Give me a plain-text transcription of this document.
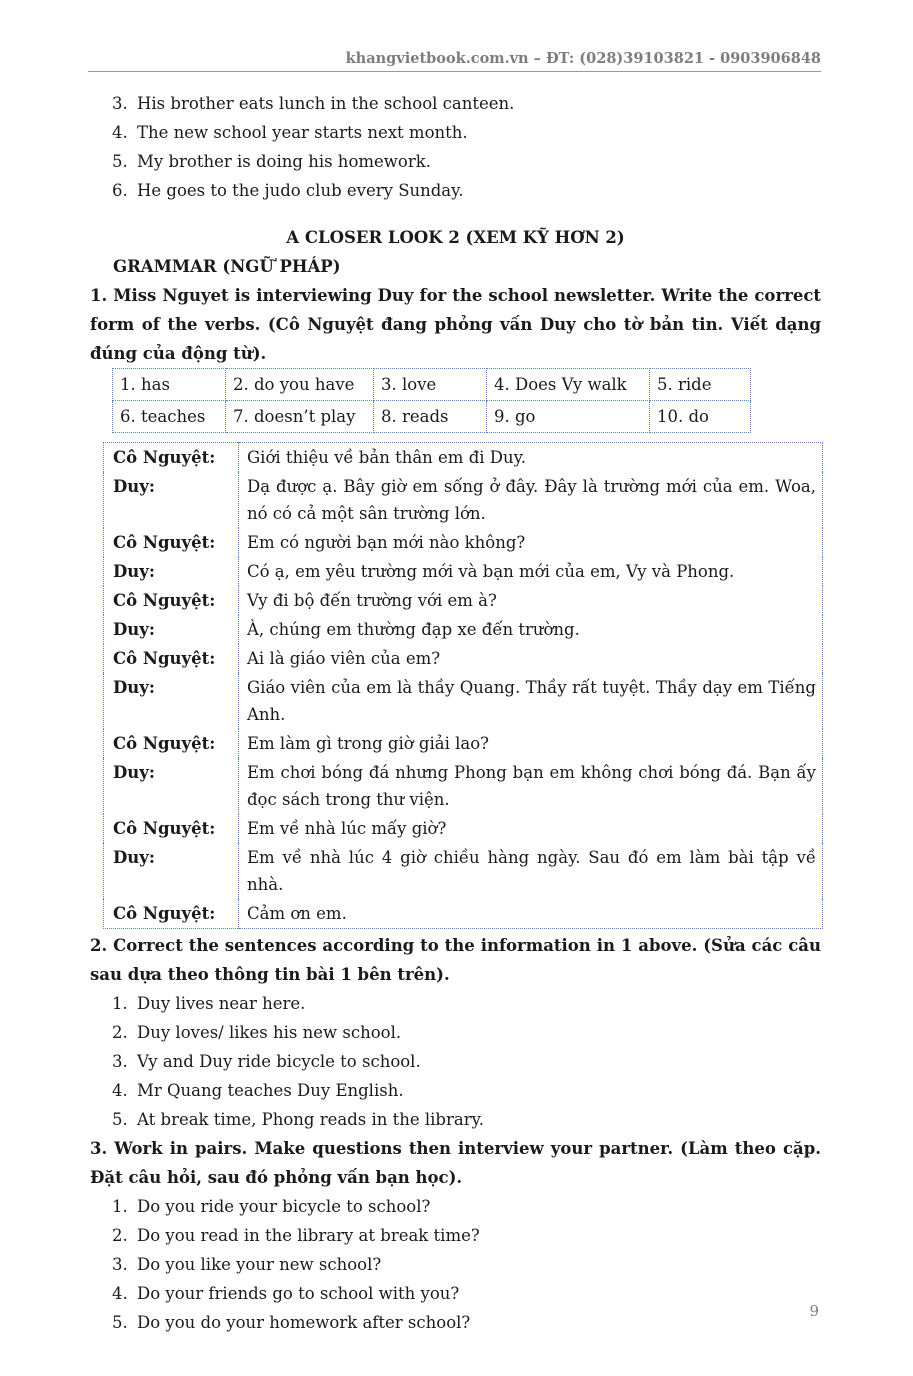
khangvietbook.com.vn – ĐT: (028)39103821 - 0903906848
3. His brother eats lunch in the school canteen.
4. The new school year starts next month.
5. My brother is doing his homework.
6. He goes to the judo club every Sunday.
A CLOSER LOOK 2 (XEM KỸ HƠN 2)
GRAMMAR (NGỮ PHÁP)
1. Miss Nguyet is interviewing Duy for the school newsletter. Write the correct form of the verbs. (Cô Nguyệt đang phỏng vấn Duy cho tờ bản tin. Viết dạng đúng của động từ).
1. has	2. do you have	3. love	4. Does Vy walk	5. ride
6. teaches	7. doesn’t play	8. reads	9. go	10. do
Cô Nguyệt:	Giới thiệu về bản thân em đi Duy.
Duy:	Dạ được ạ. Bây giờ em sống ở đây. Đây là trường mới của em. Woa, nó có cả một sân trường lớn.
Cô Nguyệt:	Em có người bạn mới nào không?
Duy:	Có ạ, em yêu trường mới và bạn mới của em, Vy và Phong.
Cô Nguyệt:	Vy đi bộ đến trường với em à?
Duy:	À, chúng em thường đạp xe đến trường.
Cô Nguyệt:	Ai là giáo viên của em?
Duy:	Giáo viên của em là thầy Quang. Thầy rất tuyệt. Thầy dạy em Tiếng Anh.
Cô Nguyệt:	Em làm gì trong giờ giải lao?
Duy:	Em chơi bóng đá nhưng Phong bạn em không chơi bóng đá. Bạn ấy đọc sách trong thư viện.
Cô Nguyệt:	Em về nhà lúc mấy giờ?
Duy:	Em về nhà lúc 4 giờ chiều hàng ngày. Sau đó em làm bài tập về nhà.
Cô Nguyệt:	Cảm ơn em.
2. Correct the sentences according to the information in 1 above. (Sửa các câu sau dựa theo thông tin bài 1 bên trên).
1. Duy lives near here.
2. Duy loves/ likes his new school.
3. Vy and Duy ride bicycle to school.
4. Mr Quang teaches Duy English.
5. At break time, Phong reads in the library.
3. Work in pairs. Make questions then interview your partner. (Làm theo cặp. Đặt câu hỏi, sau đó phỏng vấn bạn học).
1. Do you ride your bicycle to school?
2. Do you read in the library at break time?
3. Do you like your new school?
4. Do your friends go to school with you?
5. Do you do your homework after school?
9
